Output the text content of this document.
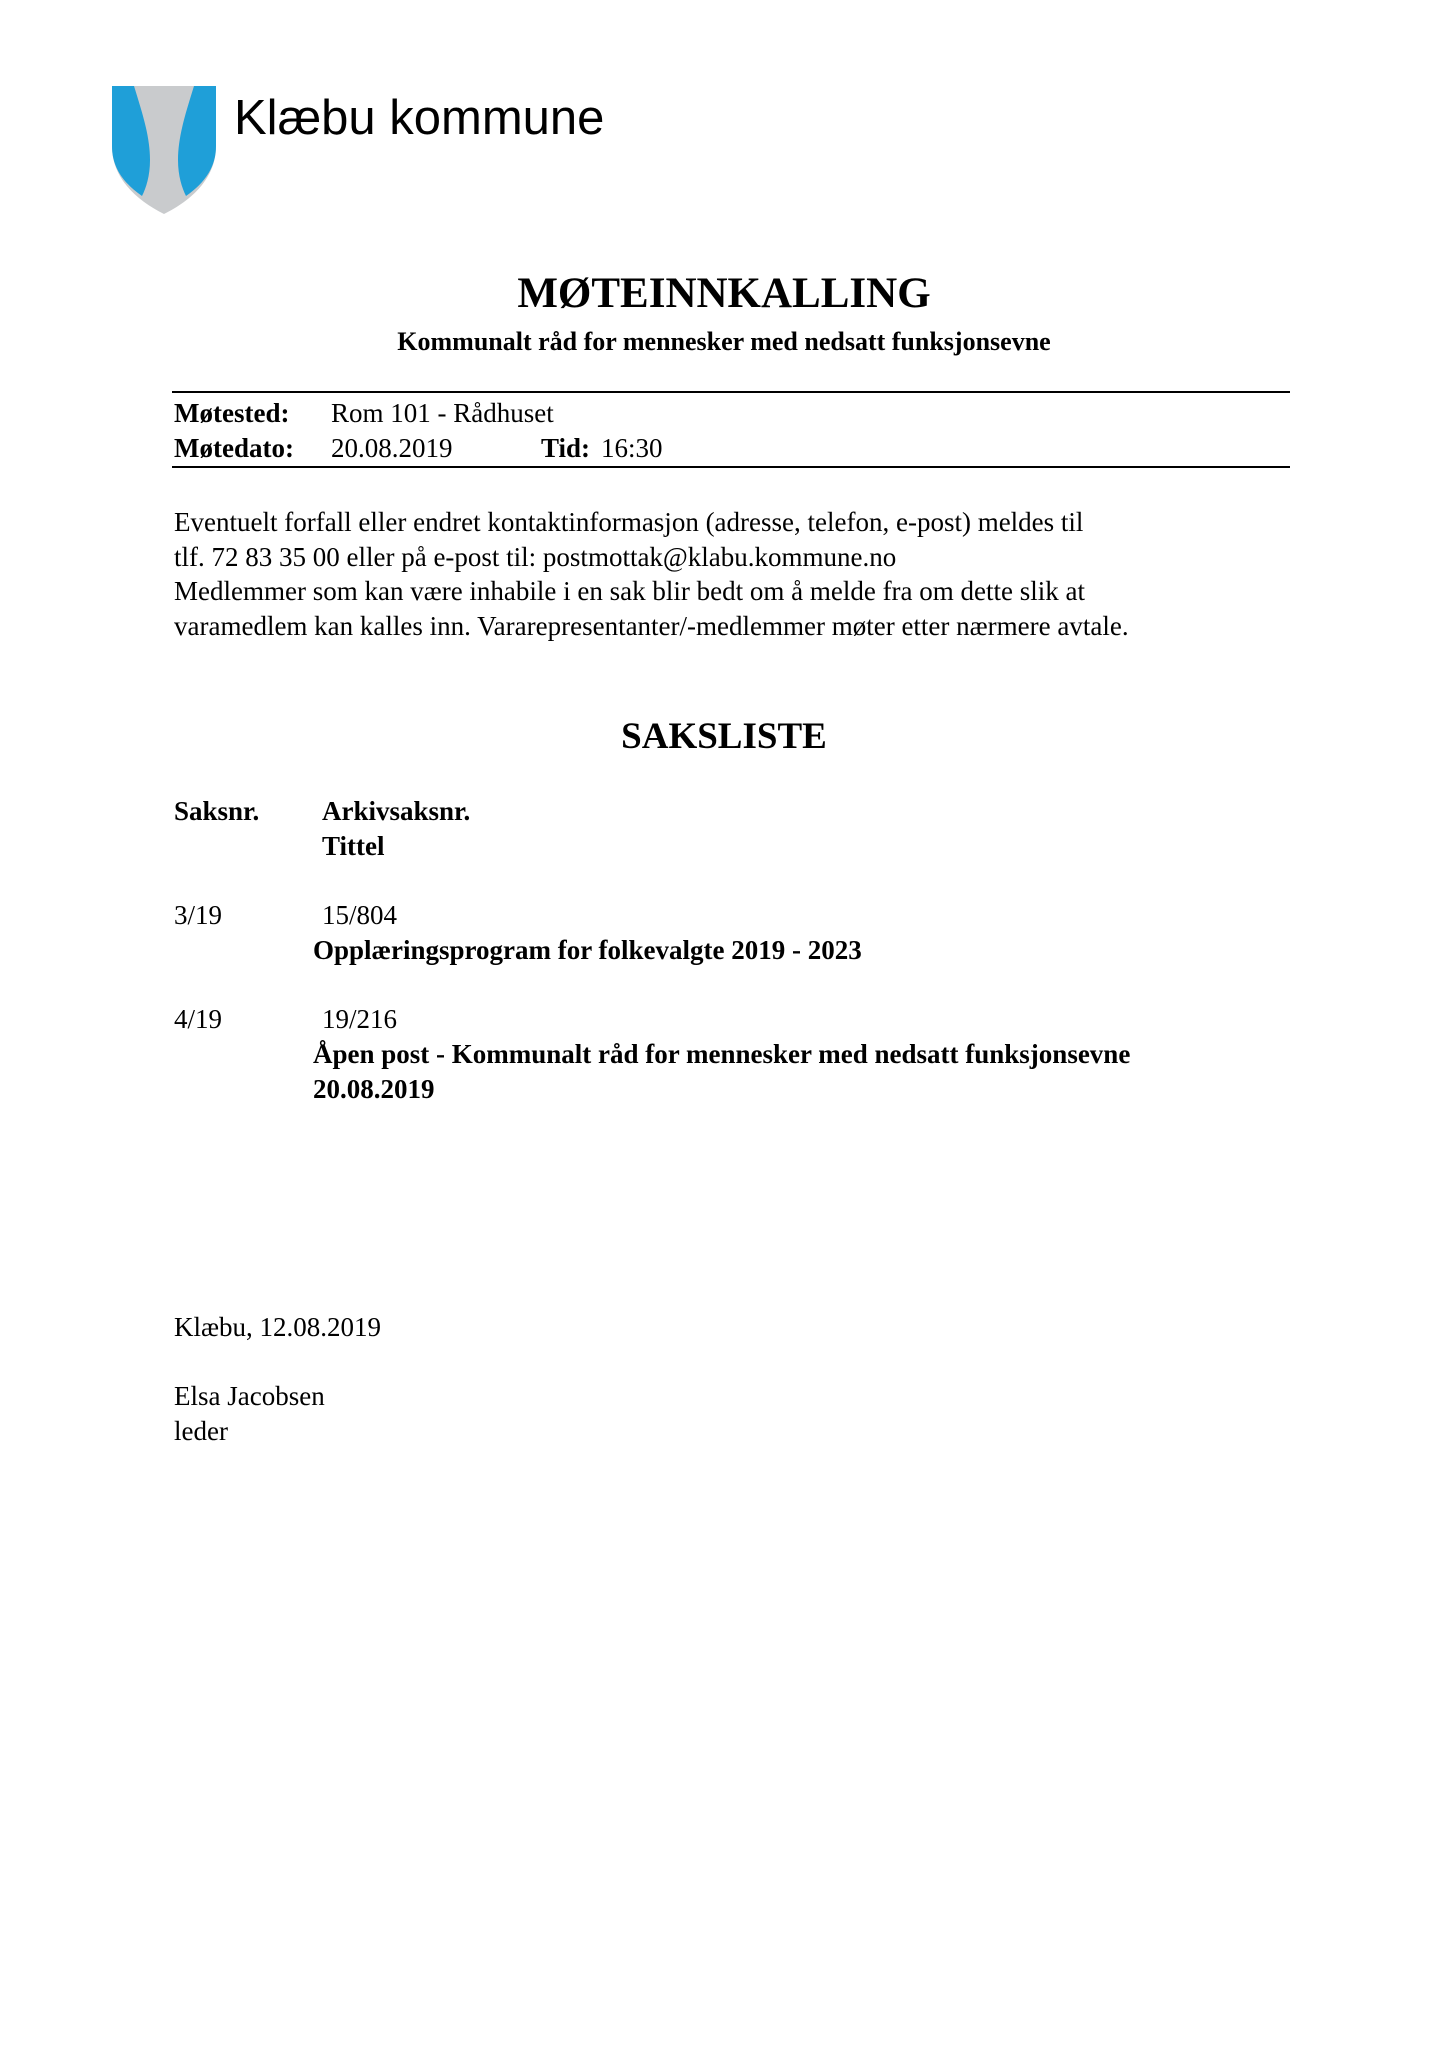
Klæbu kommune
MØTEINNKALLING
Kommunalt råd for mennesker med nedsatt funksjonsevne
Møtested: Rom 101 - Rådhuset
Møtedato: 20.08.2019	Tid: 16:30
Eventuelt forfall eller endret kontaktinformasjon (adresse, telefon, e-post) meldes til
tlf. 72 83 35 00 eller på e-post til: postmottak@klabu.kommune.no
Medlemmer som kan være inhabile i en sak blir bedt om å melde fra om dette slik at
varamedlem kan kalles inn. Vararepresentanter/-medlemmer møter etter nærmere avtale.
SAKSLISTE
Saksnr. Arkivsaksnr.
Tittel
3/19	15/804
Opplæringsprogram for folkevalgte 2019 - 2023
4/19	19/216
Åpen post - Kommunalt råd for mennesker med nedsatt funksjonsevne
20.08.2019
Klæbu, 12.08.2019
Elsa Jacobsen
leder
